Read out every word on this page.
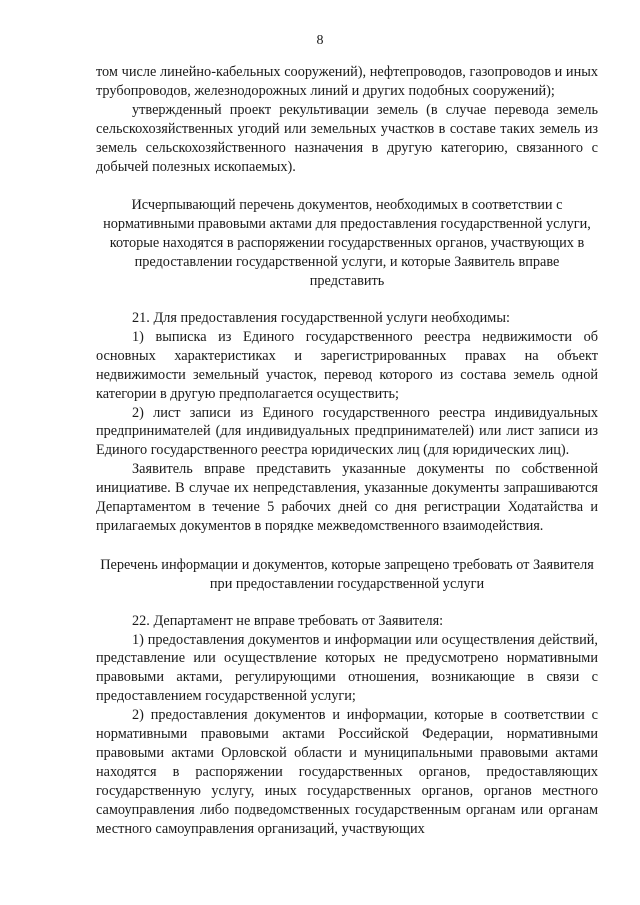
8

том числе линейно-кабельных сооружений), нефтепроводов, газопроводов и иных трубопроводов, железнодорожных линий и других подобных сооружений);

утвержденный проект рекультивации земель (в случае перевода земель сельскохозяйственных угодий или земельных участков в составе таких земель из земель сельскохозяйственного назначения в другую категорию, связанного с добычей полезных ископаемых).

Исчерпывающий перечень документов, необходимых в соответствии с нормативными правовыми актами для предоставления государственной услуги, которые находятся в распоряжении государственных органов, участвующих в предоставлении государственной услуги, и которые Заявитель вправе представить

21. Для предоставления государственной услуги необходимы:

1) выписка из Единого государственного реестра недвижимости об основных характеристиках и зарегистрированных правах на объект недвижимости земельный участок, перевод которого из состава земель одной категории в другую предполагается осуществить;

2) лист записи из Единого государственного реестра индивидуальных предпринимателей (для индивидуальных предпринимателей) или лист записи из Единого государственного реестра юридических лиц (для юридических лиц).

Заявитель вправе представить указанные документы по собственной инициативе. В случае их непредставления, указанные документы запрашиваются Департаментом в течение 5 рабочих дней со дня регистрации Ходатайства и прилагаемых документов в порядке межведомственного взаимодействия.

Перечень информации и документов, которые запрещено требовать от Заявителя при предоставлении государственной услуги

22. Департамент не вправе требовать от Заявителя:

1) предоставления документов и информации или осуществления действий, представление или осуществление которых не предусмотрено нормативными правовыми актами, регулирующими отношения, возникающие в связи с предоставлением государственной услуги;

2) предоставления документов и информации, которые в соответствии с нормативными правовыми актами Российской Федерации, нормативными правовыми актами Орловской области и муниципальными правовыми актами находятся в распоряжении государственных органов, предоставляющих государственную услугу, иных государственных органов, органов местного самоуправления либо подведомственных государственным органам или органам местного самоуправления организаций, участвующих
